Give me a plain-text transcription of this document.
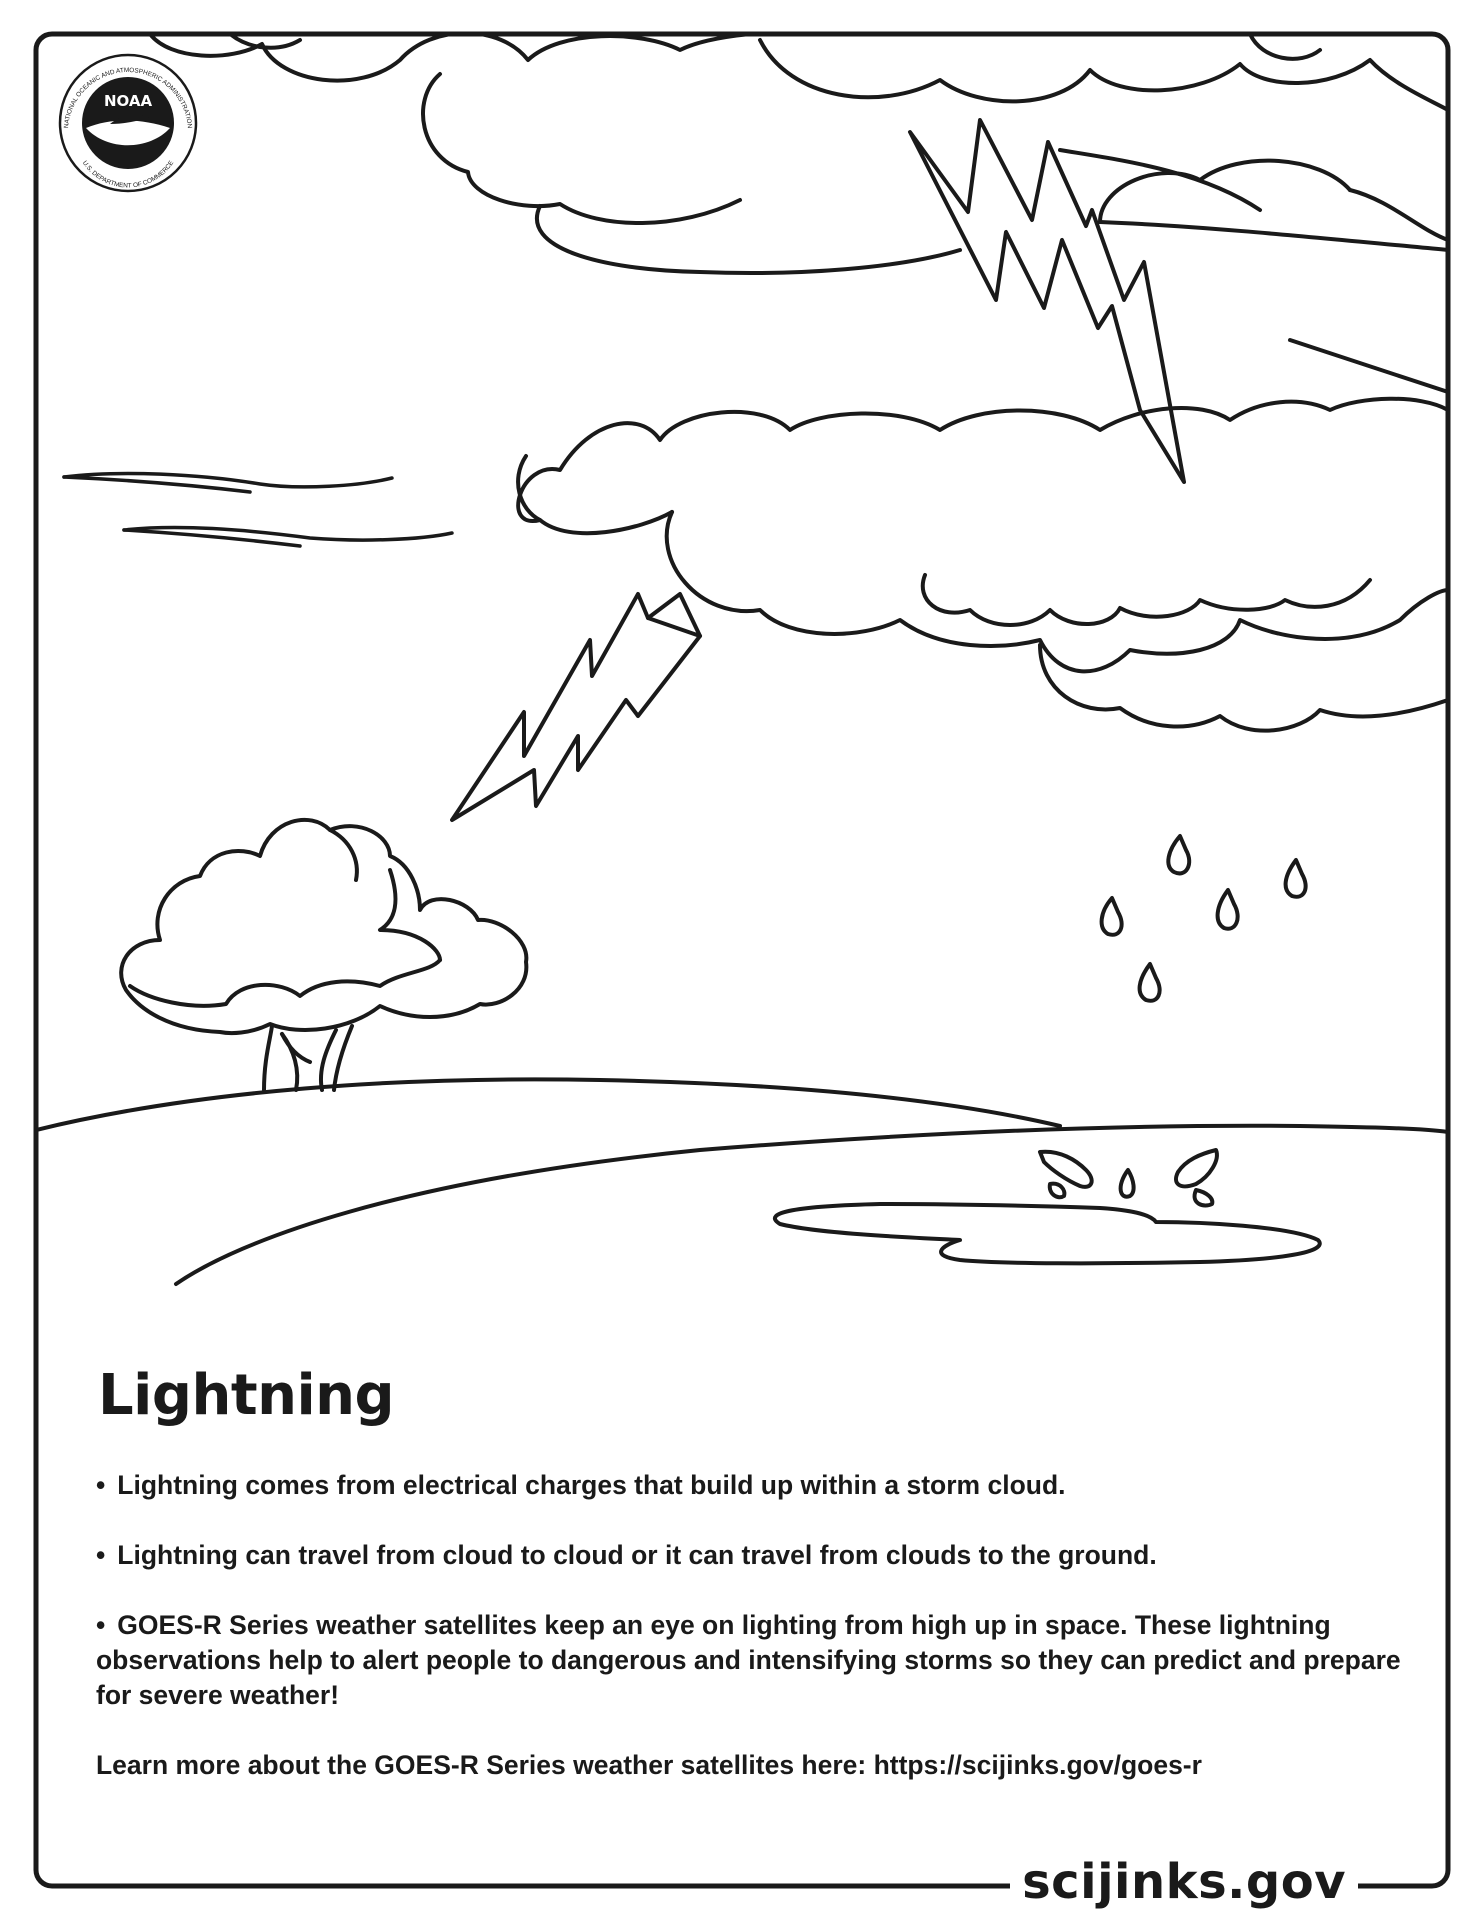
NOAA
NATIONAL OCEANIC AND ATMOSPHERIC ADMINISTRATION
U.S. DEPARTMENT OF COMMERCE
Lightning

• Lightning comes from electrical charges that build up within a storm cloud.

• Lightning can travel from cloud to cloud or it can travel from clouds to the ground.

• GOES-R Series weather satellites keep an eye on lighting from high up in space. These lightning observations help to alert people to dangerous and intensifying storms so they can predict and prepare for severe weather!

Learn more about the GOES-R Series weather satellites here: https://scijinks.gov/goes-r

scijinks.gov
